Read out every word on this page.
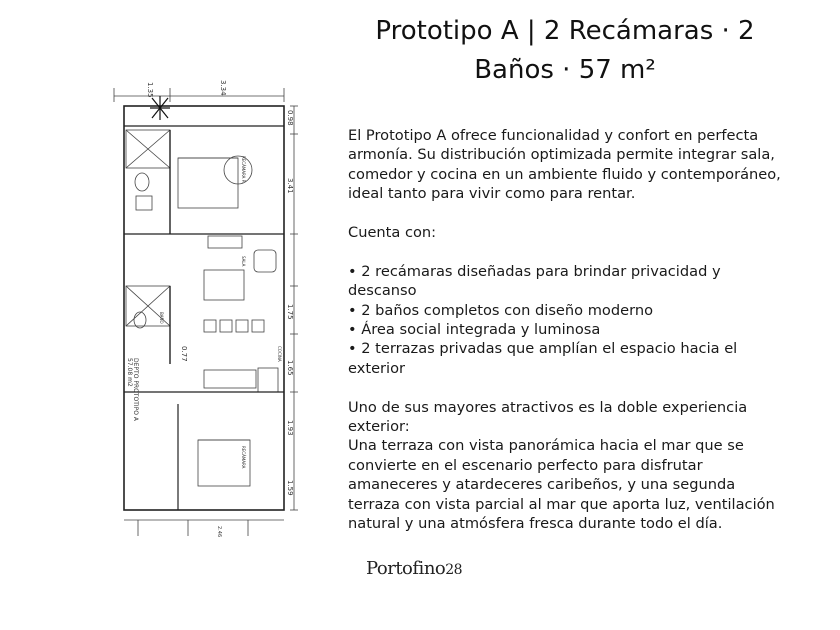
Prototipo A | 2 Recámaras · 2 Baños · 57 m²
1.35	3.34
0.98
3.41
1.75
1.65
1.93
1.59
0.77
2.46
DEPTO PROTOTIPO A
57.08 m2
RECÁMARA P.
RECÁMARA
SALA
BAÑO
COCINA

El Prototipo A ofrece funcionalidad y confort en perfecta armonía. Su distribución optimizada permite integrar sala, comedor y cocina en un ambiente fluido y contemporáneo, ideal tanto para vivir como para rentar.

Cuenta con:

• 2 recámaras diseñadas para brindar privacidad y descanso

• 2 baños completos con diseño moderno

• Área social integrada y luminosa

• 2 terrazas privadas que amplían el espacio hacia el exterior

Uno de sus mayores atractivos es la doble experiencia exterior:

Una terraza con vista panorámica hacia el mar que se convierte en el escenario perfecto para disfrutar amaneceres y atardeceres caribeños, y una segunda terraza con vista parcial al mar que aporta luz, ventilación natural y una atmósfera fresca durante todo el día.

Portofino28
